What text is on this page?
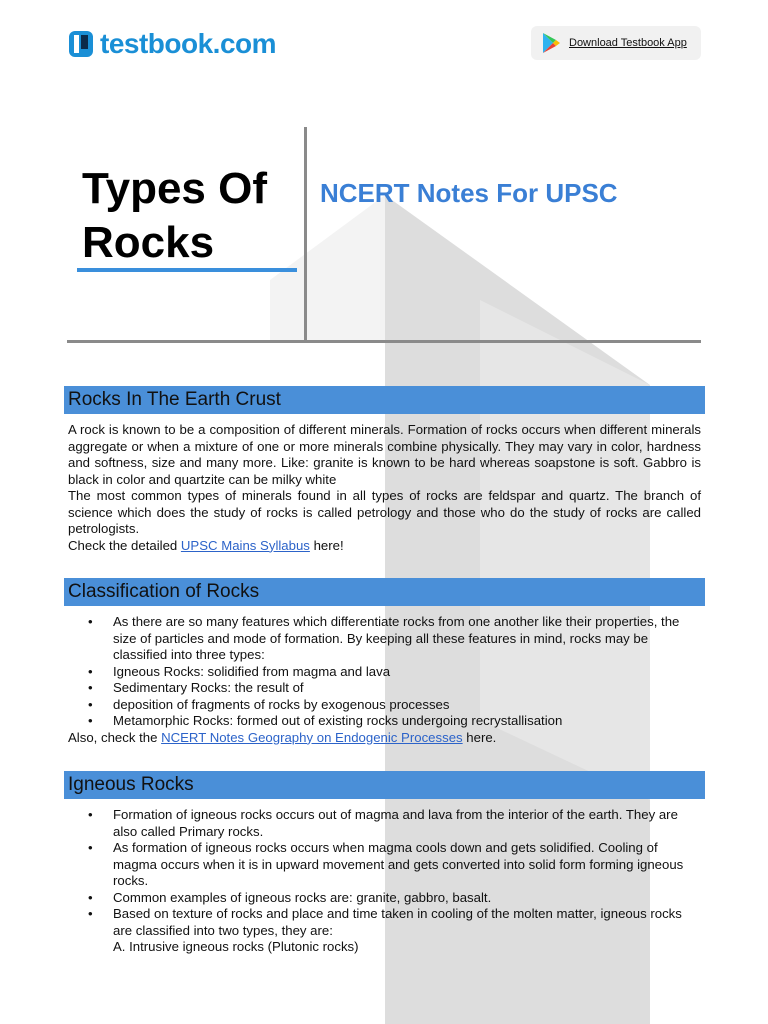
testbook.com	Download Testbook App
Types Of
Rocks
NCERT Notes For UPSC
Rocks In The Earth Crust

A rock is known to be a composition of different minerals. Formation of rocks occurs when different minerals aggregate or when a mixture of one or more minerals combine physically. They may vary in color, hardness and softness, size and many more. Like: granite is known to be hard whereas soapstone is soft. Gabbro is black in color and quartzite can be milky white

The most common types of minerals found in all types of rocks are feldspar and quartz. The branch of science which does the study of rocks is called petrology and those who do the study of rocks are called petrologists.

Check the detailed UPSC Mains Syllabus here!

Classification of Rocks
• As there are so many features which differentiate rocks from one another like their properties, the size of particles and mode of formation. By keeping all these features in mind, rocks may be classified into three types:
• Igneous Rocks: solidified from magma and lava
• Sedimentary Rocks: the result of
• deposition of fragments of rocks by exogenous processes
• Metamorphic Rocks: formed out of existing rocks undergoing recrystallisation

Also, check the NCERT Notes Geography on Endogenic Processes here.

Igneous Rocks
• Formation of igneous rocks occurs out of magma and lava from the interior of the earth. They are also called Primary rocks.
• As formation of igneous rocks occurs when magma cools down and gets solidified. Cooling of magma occurs when it is in upward movement and gets converted into solid form forming igneous rocks.
• Common examples of igneous rocks are: granite, gabbro, basalt.
• Based on texture of rocks and place and time taken in cooling of the molten matter, igneous rocks are classified into two types, they are:
A. Intrusive igneous rocks (Plutonic rocks)
